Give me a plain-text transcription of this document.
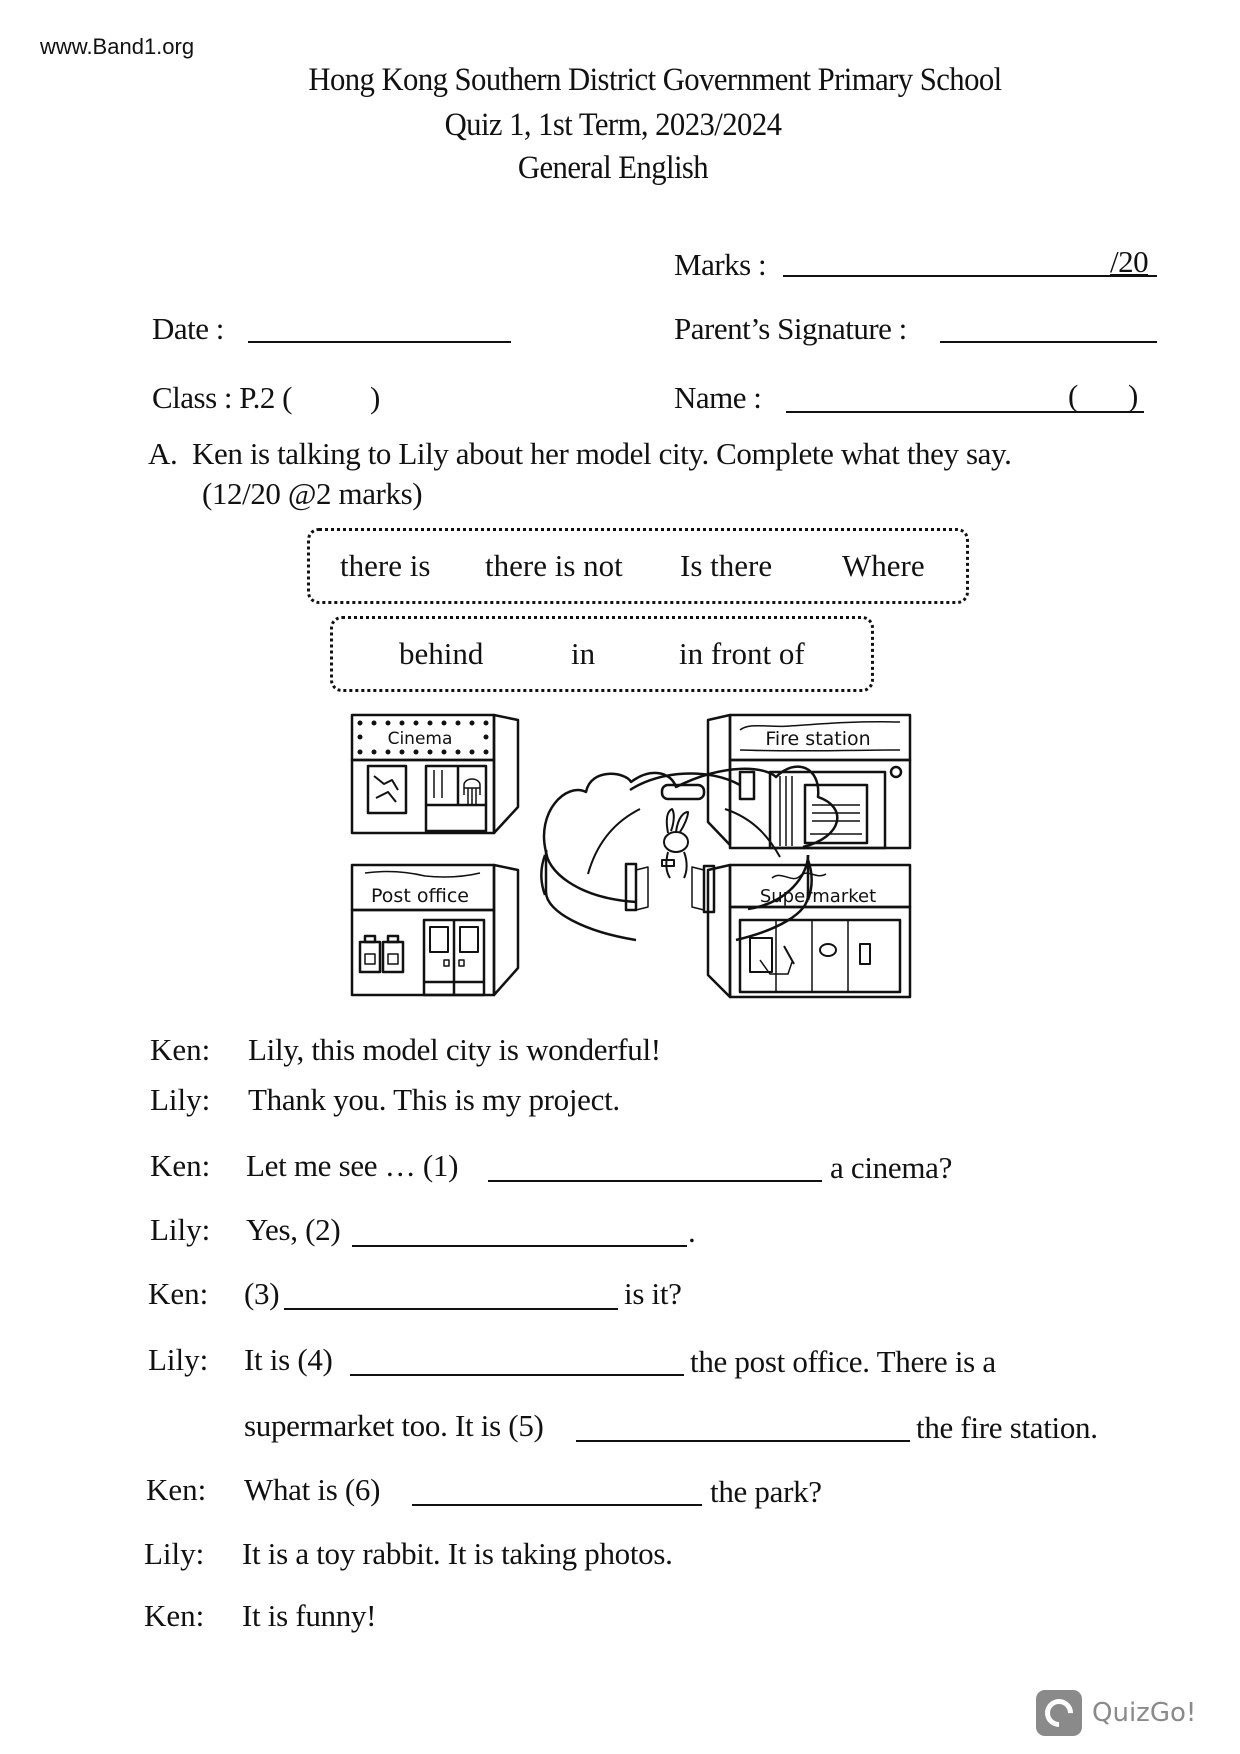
www.Band1.org
Hong Kong Southern District Government Primary School
Quiz 1, 1st Term, 2023/2024
General English
Marks :	/20
Date :	Parent’s Signature :
Class : P.2 (	)	Name :	( )
A. Ken is talking to Lily about her model city. Complete what they say.
(12/20 @2 marks)
there is there is not Is there Where
behind	in	in front of
Cinema
Post office
Fire station
Supermarket
Ken: Lily, this model city is wonderful!
Lily: Thank you. This is my project.
Ken: Let me see … (1)	a cinema?
Lily: Yes, (2)	.
Ken: (3)	is it?
Lily: It is (4)	the post office. There is a
supermarket too. It is (5)	the fire station.
Ken: What is (6)	the park?
Lily: It is a toy rabbit. It is taking photos.
Ken: It is funny!
QuizGo!
